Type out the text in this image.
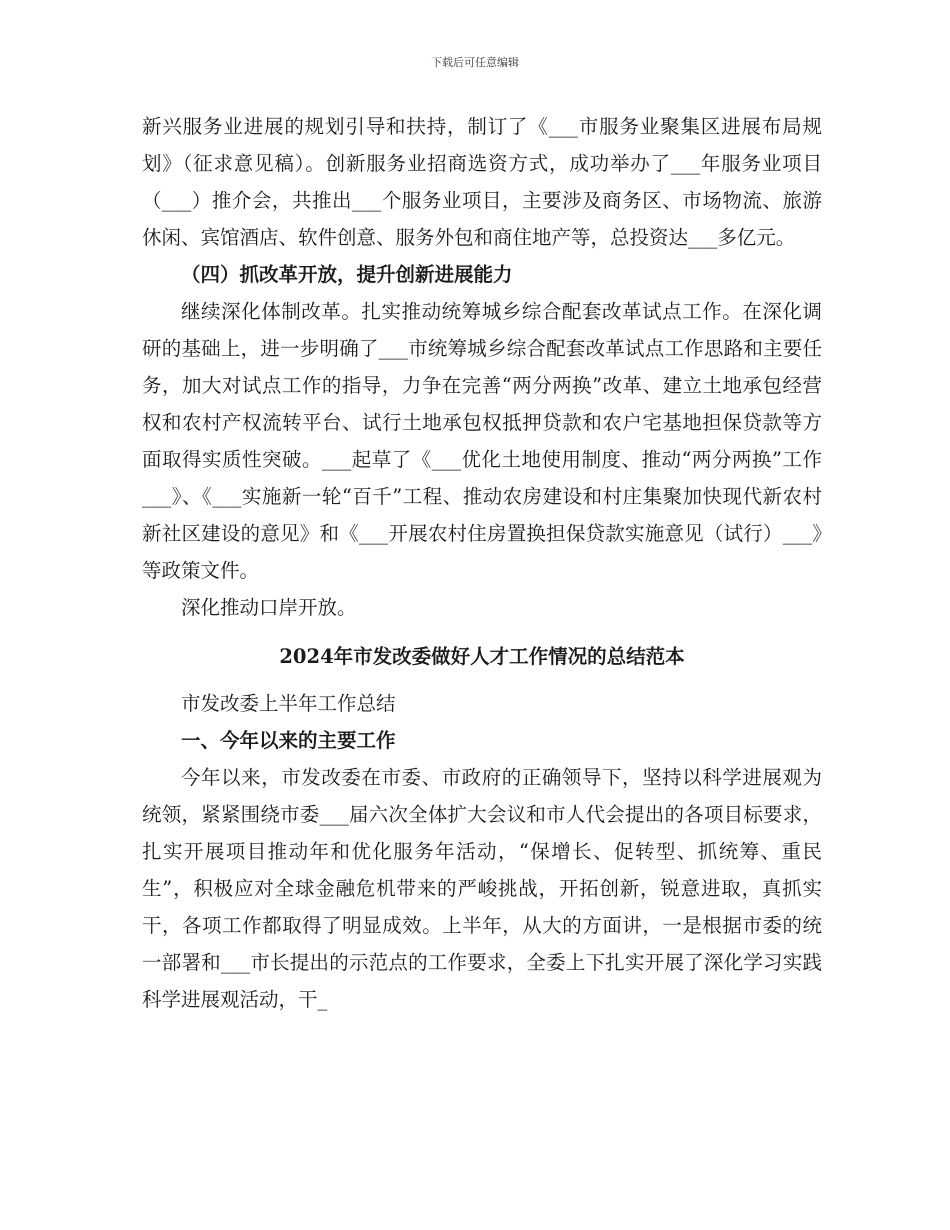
下载后可任意编辑

新兴服务业进展的规划引导和扶持，制订了《___市服务业聚集区进展布局规划》（征求意见稿）。创新服务业招商选资方式，成功举办了___年服务业项目（___）推介会，共推出___个服务业项目，主要涉及商务区、市场物流、旅游休闲、宾馆酒店、软件创意、服务外包和商住地产等，总投资达___多亿元。

（四）抓改革开放，提升创新进展能力

继续深化体制改革。扎实推动统筹城乡综合配套改革试点工作。在深化调研的基础上，进一步明确了___市统筹城乡综合配套改革试点工作思路和主要任务，加大对试点工作的指导，力争在完善“两分两换”改革、建立土地承包经营权和农村产权流转平台、试行土地承包权抵押贷款和农户宅基地担保贷款等方面取得实质性突破。___起草了《___优化土地使用制度、推动“两分两换”工作___》、《___实施新一轮“百千”工程、推动农房建设和村庄集聚加快现代新农村新社区建设的意见》和《___开展农村住房置换担保贷款实施意见（试行）___》等政策文件。

深化推动口岸开放。

2024年市发改委做好人才工作情况的总结范本

市发改委上半年工作总结

一、今年以来的主要工作

今年以来，市发改委在市委、市政府的正确领导下，坚持以科学进展观为统领，紧紧围绕市委___届六次全体扩大会议和市人代会提出的各项目标要求，扎实开展项目推动年和优化服务年活动，“保增长、促转型、抓统筹、重民生”，积极应对全球金融危机带来的严峻挑战，开拓创新，锐意进取，真抓实干，各项工作都取得了明显成效。上半年，从大的方面讲，一是根据市委的统一部署和___市长提出的示范点的工作要求，全委上下扎实开展了深化学习实践科学进展观活动，干_
